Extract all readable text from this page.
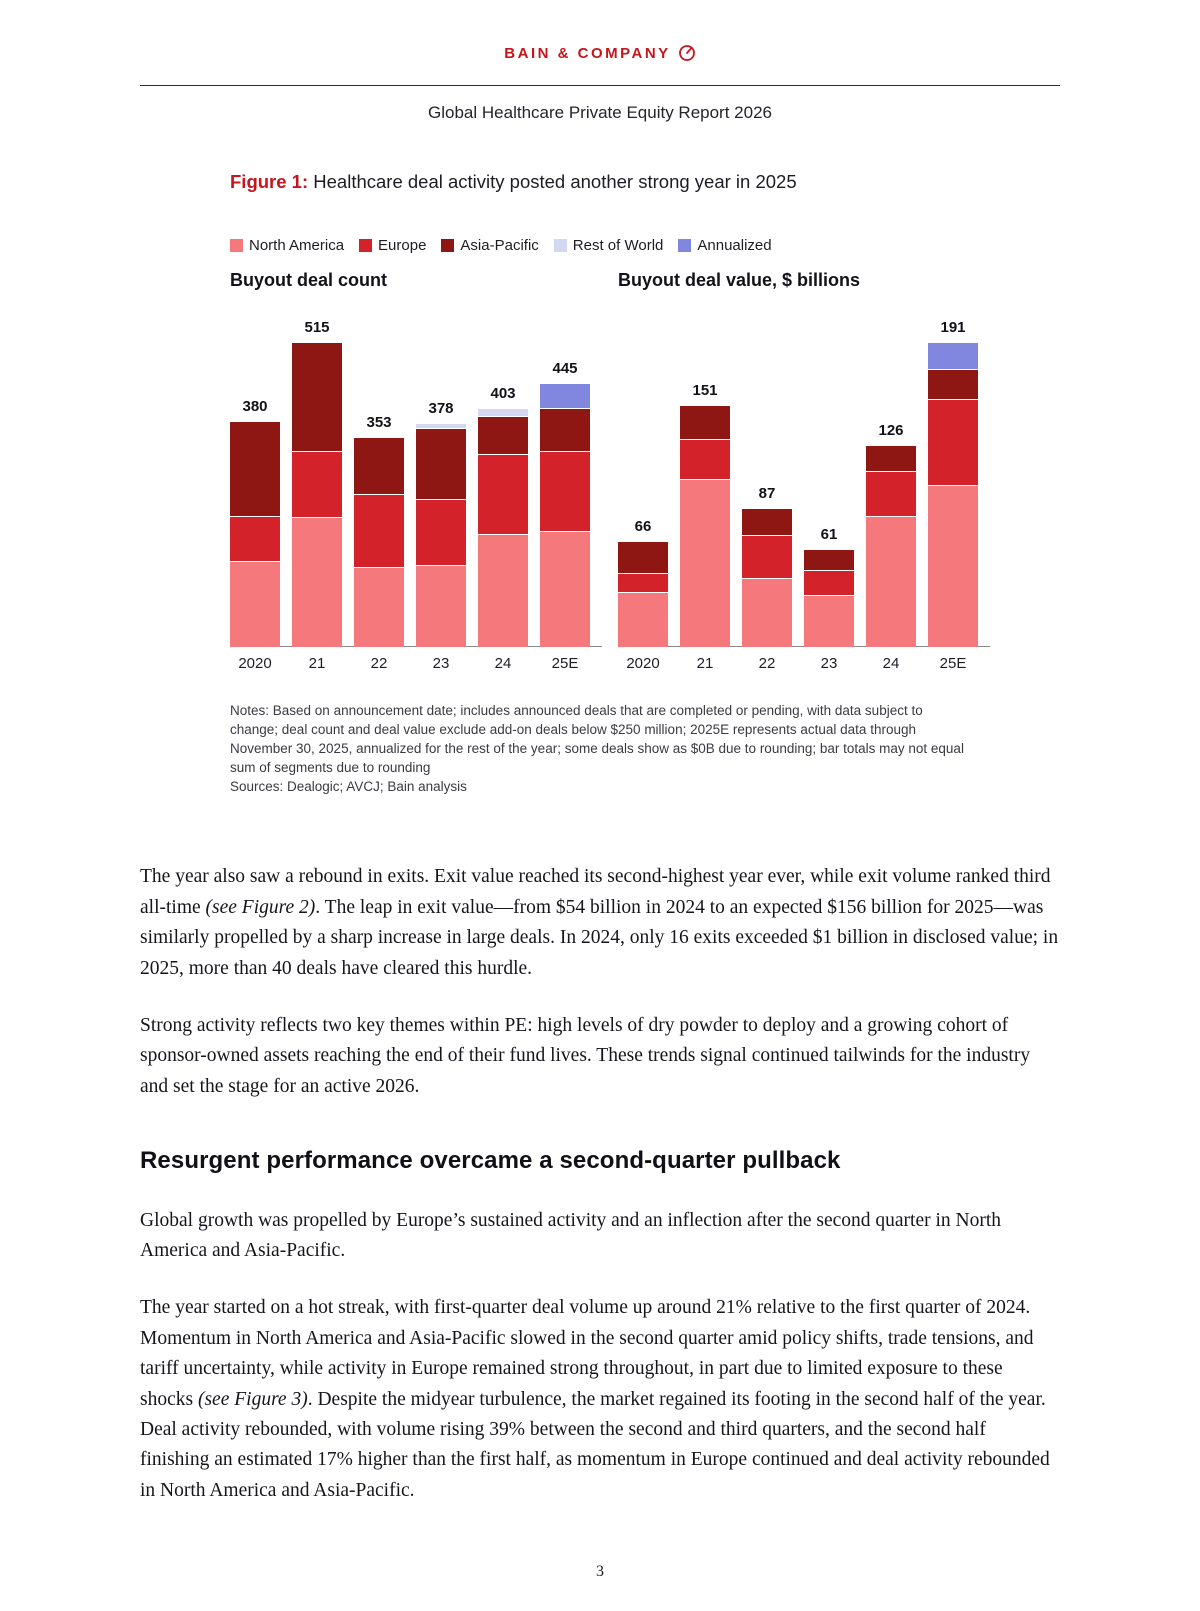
BAIN & COMPANY
Global Healthcare Private Equity Report 2026
Figure 1: Healthcare deal activity posted another strong year in 2025
North America Europe Asia-Pacific Rest of World Annualized
Buyout deal count
380
2020
515
21
353
22
378
23
403
24
445
25E
Buyout deal value, $ billions
66
2020
151
21
87
22
61
23
126
24
191
25E
Notes: Based on announcement date; includes announced deals that are completed or pending, with data subject to change; deal count and deal value exclude add-on deals below $250 million; 2025E represents actual data through November 30, 2025, annualized for the rest of the year; some deals show as $0B due to rounding; bar totals may not equal sum of segments due to rounding
Sources: Dealogic; AVCJ; Bain analysis

The year also saw a rebound in exits. Exit value reached its second-highest year ever, while exit volume ranked third all-time (see Figure 2). The leap in exit value—from $54 billion in 2024 to an expected $156 billion for 2025—was similarly propelled by a sharp increase in large deals. In 2024, only 16 exits exceeded $1 billion in disclosed value; in 2025, more than 40 deals have cleared this hurdle.

Strong activity reflects two key themes within PE: high levels of dry powder to deploy and a growing cohort of sponsor-owned assets reaching the end of their fund lives. These trends signal continued tailwinds for the industry and set the stage for an active 2026.

Resurgent performance overcame a second-quarter pullback

Global growth was propelled by Europe’s sustained activity and an inflection after the second quarter in North America and Asia-Pacific.

The year started on a hot streak, with first-quarter deal volume up around 21% relative to the first quarter of 2024. Momentum in North America and Asia-Pacific slowed in the second quarter amid policy shifts, trade tensions, and tariff uncertainty, while activity in Europe remained strong throughout, in part due to limited exposure to these shocks (see Figure 3). Despite the midyear turbulence, the market regained its footing in the second half of the year. Deal activity rebounded, with volume rising 39% between the second and third quarters, and the second half finishing an estimated 17% higher than the first half, as momentum in Europe continued and deal activity rebounded in North America and Asia-Pacific.

3
